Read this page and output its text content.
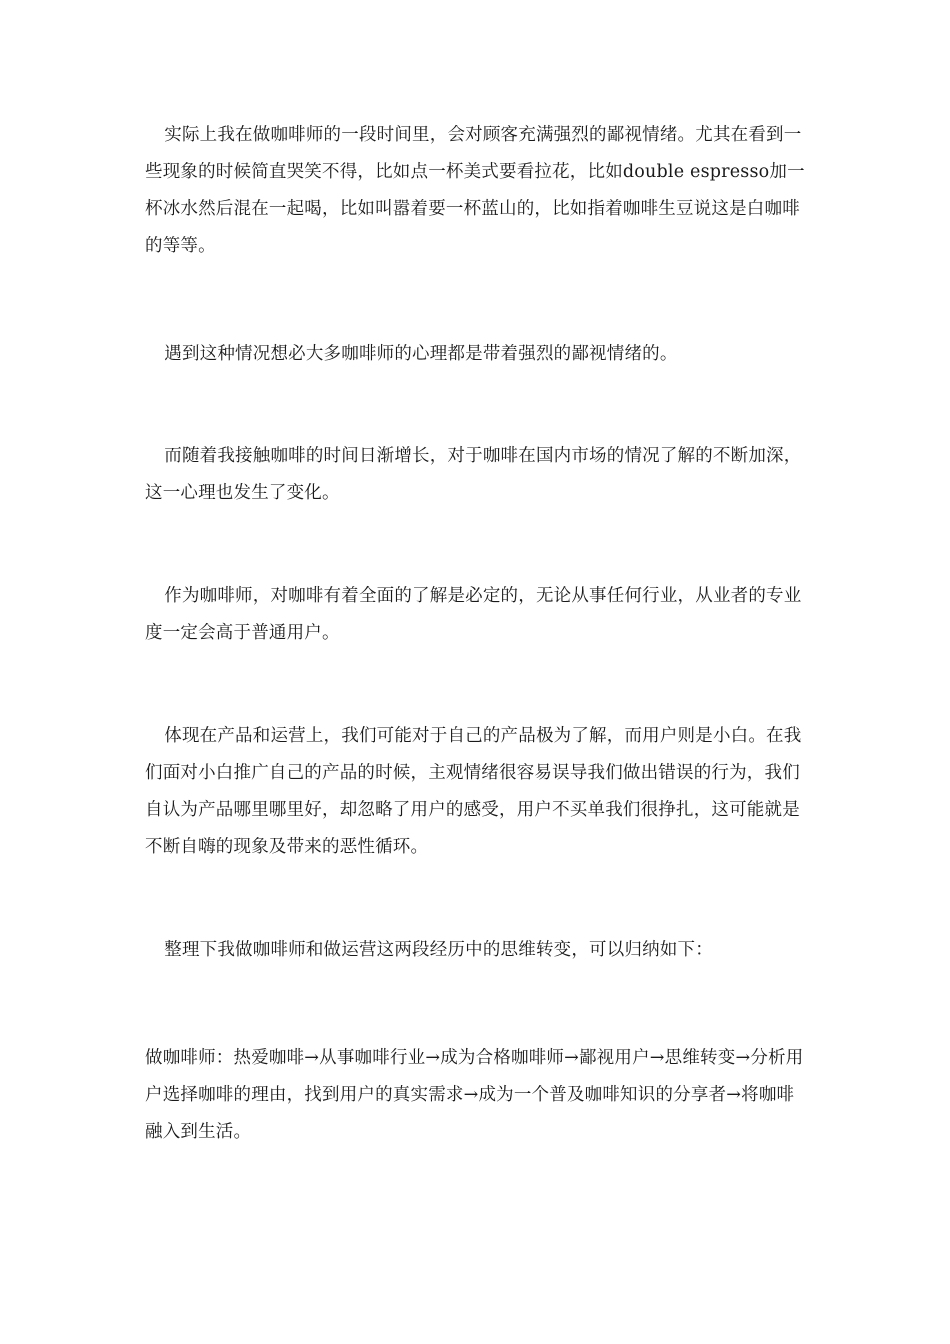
实际上我在做咖啡师的一段时间里，会对顾客充满强烈的鄙视情绪。尤其在看到一些现象的时候简直哭笑不得，比如点一杯美式要看拉花，比如double espresso加一杯冰水然后混在一起喝，比如叫嚣着要一杯蓝山的，比如指着咖啡生豆说这是白咖啡的等等。

遇到这种情况想必大多咖啡师的心理都是带着强烈的鄙视情绪的。

而随着我接触咖啡的时间日渐增长，对于咖啡在国内市场的情况了解的不断加深，这一心理也发生了变化。

作为咖啡师，对咖啡有着全面的了解是必定的，无论从事任何行业，从业者的专业度一定会高于普通用户。

体现在产品和运营上，我们可能对于自己的产品极为了解，而用户则是小白。在我们面对小白推广自己的产品的时候，主观情绪很容易误导我们做出错误的行为，我们自认为产品哪里哪里好，却忽略了用户的感受，用户不买单我们很挣扎，这可能就是不断自嗨的现象及带来的恶性循环。

整理下我做咖啡师和做运营这两段经历中的思维转变，可以归纳如下：

做咖啡师：热爱咖啡→从事咖啡行业→成为合格咖啡师→鄙视用户→思维转变→分析用户选择咖啡的理由，找到用户的真实需求→成为一个普及咖啡知识的分享者→将咖啡融入到生活。
